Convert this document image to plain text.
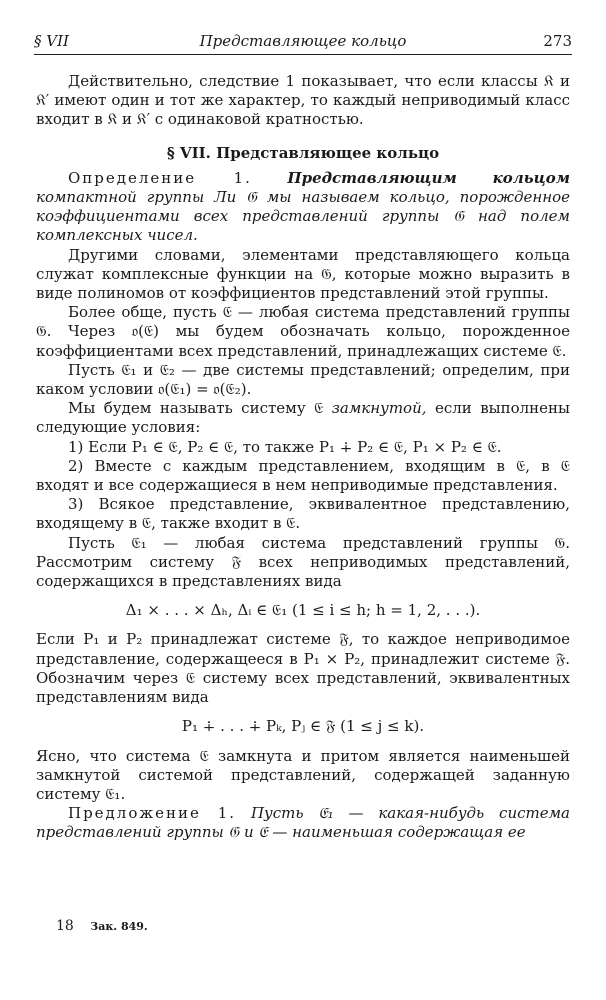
§ VII	Представляющее кольцо	273

Действительно, следствие 1 показывает, что если классы 𝔎 и 𝔎′ имеют один и тот же характер, то каждый неприводимый класс входит в 𝔎 и 𝔎′ с одинаковой кратностью.

§ VII. Представляющее кольцо

Определение 1. Представляющим кольцом компактной группы Ли 𝔊 мы называем кольцо, порожденное коэффициентами всех представлений группы 𝔊 над полем комплексных чисел.

Другими словами, элементами представляющего кольца служат комплексные функции на 𝔊, которые можно выразить в виде полиномов от коэффициентов представлений этой группы.

Более обще, пусть 𝔈 — любая система представлений группы 𝔊. Через 𝔬(𝔈) мы будем обозначать кольцо, порожденное коэффициентами всех представлений, принадлежащих системе 𝔈.

Пусть 𝔈₁ и 𝔈₂ — две системы представлений; определим, при каком условии 𝔬(𝔈₁) = 𝔬(𝔈₂).

Мы будем называть систему 𝔈 замкнутой, если выполнены следующие условия:

1) Если P₁ ∈ 𝔈, P₂ ∈ 𝔈, то также P₁ ∔ P₂ ∈ 𝔈, P₁ × P₂ ∈ 𝔈.

2) Вместе с каждым представлением, входящим в 𝔈, в 𝔈 входят и все содержащиеся в нем неприводимые представления.

3) Всякое представление, эквивалентное представлению, входящему в 𝔈, также входит в 𝔈.

Пусть 𝔈₁ — любая система представлений группы 𝔊. Рассмотрим систему 𝔉 всех неприводимых представлений, содержащихся в представлениях вида

Δ₁ × . . . × Δₕ, Δᵢ ∈ 𝔈₁ (1 ≤ i ≤ h; h = 1, 2, . . .).

Если P₁ и P₂ принадлежат системе 𝔉, то каждое неприводимое представление, содержащееся в P₁ × P₂, принадлежит системе 𝔉. Обозначим через 𝔈 систему всех представлений, эквивалентных представлениям вида

P₁ ∔ . . . ∔ Pₖ, Pⱼ ∈ 𝔉 (1 ≤ j ≤ k).

Ясно, что система 𝔈 замкнута и притом является наименьшей замкнутой системой представлений, содержащей заданную систему 𝔈₁.

Предложение 1. Пусть 𝔈₁ — какая-нибудь система представлений группы 𝔊 и 𝔈 — наименьшая содержащая ее

18 Зак. 849.
